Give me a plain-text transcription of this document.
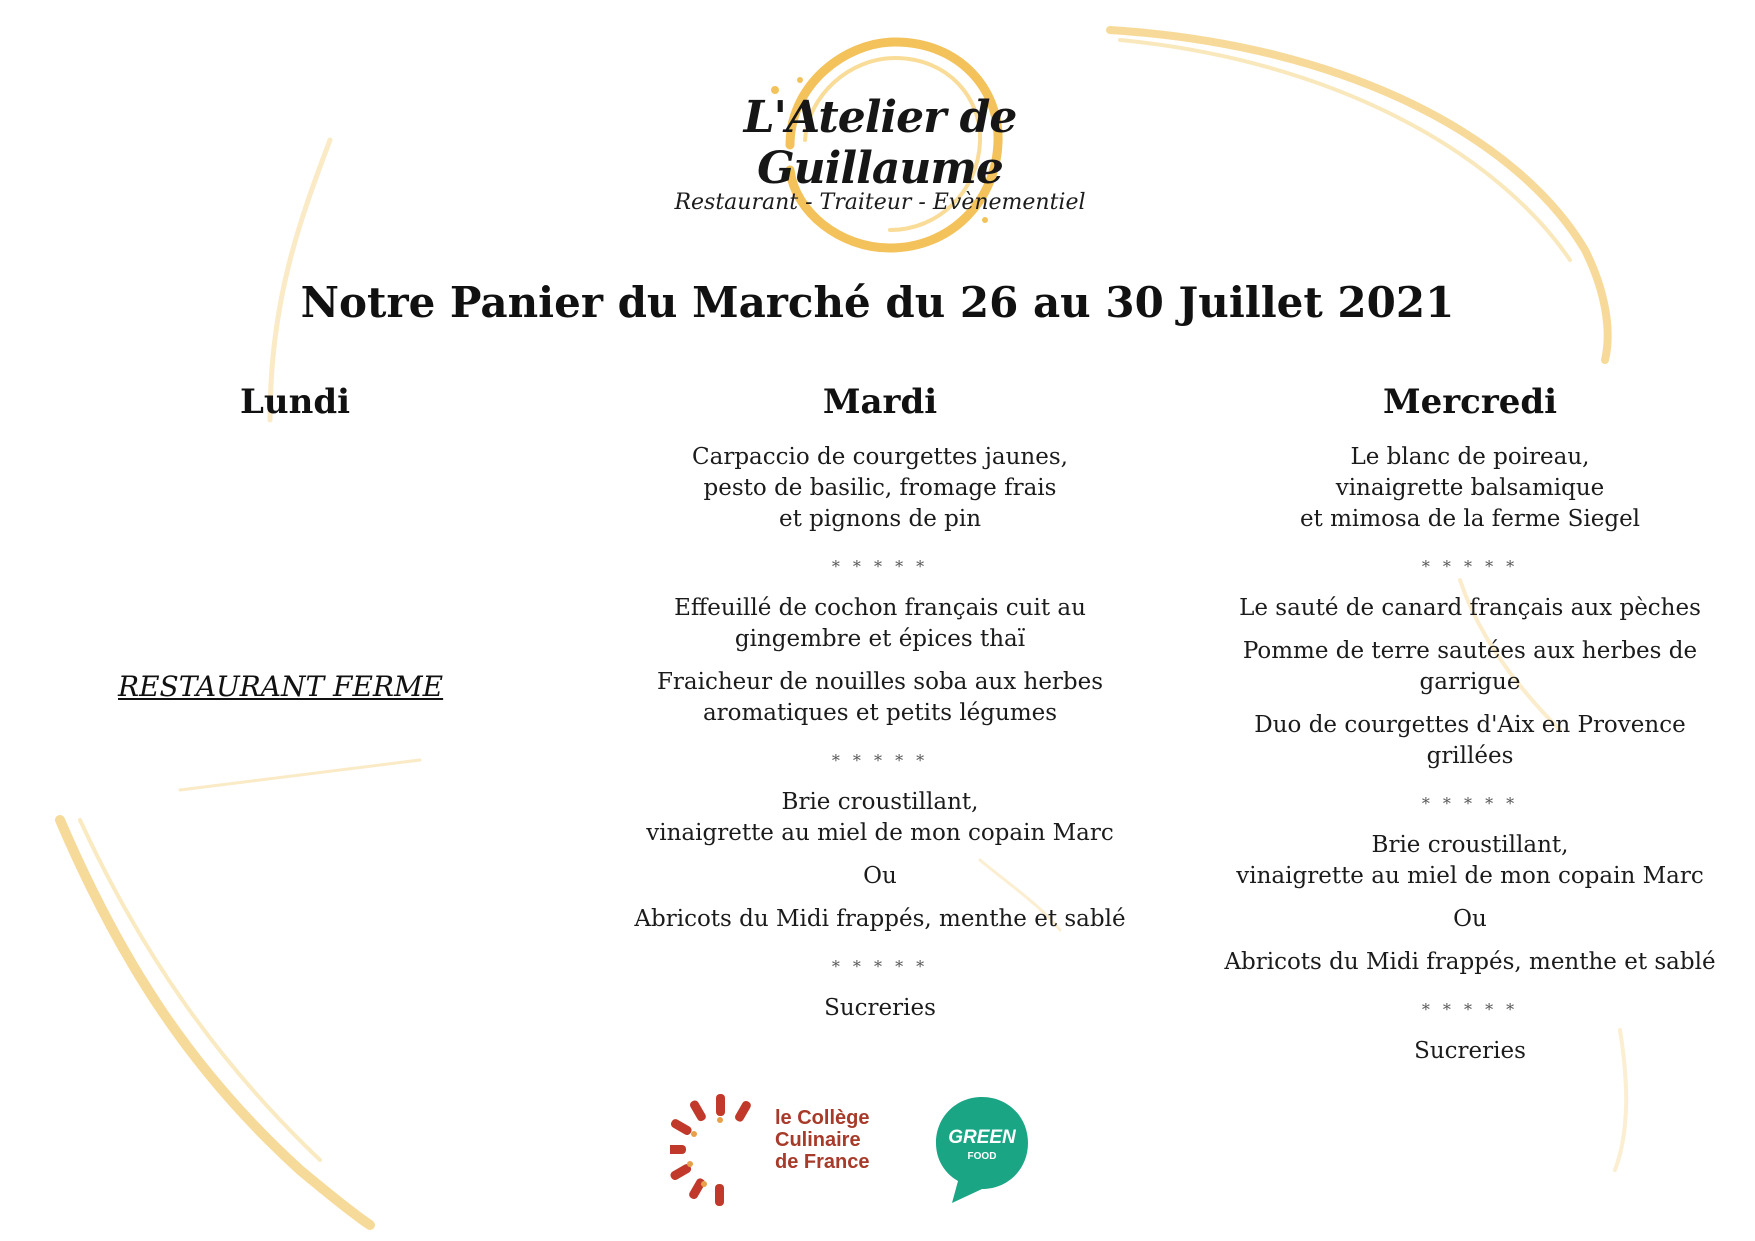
L'Atelier de Guillaume
Restaurant - Traiteur - Evènementiel
Notre Panier du Marché du 26 au 30 Juillet 2021
Lundi
RESTAURANT FERME
Mardi
Carpaccio de courgettes jaunes,
pesto de basilic, fromage frais
et pignons de pin
* * * * *
Effeuillé de cochon français cuit au
gingembre et épices thaï
Fraicheur de nouilles soba aux herbes
aromatiques et petits légumes
* * * * *
Brie croustillant,
vinaigrette au miel de mon copain Marc
Ou
Abricots du Midi frappés, menthe et sablé
* * * * *
Sucreries
Mercredi
Le blanc de poireau,
vinaigrette balsamique
et mimosa de la ferme Siegel
* * * * *
Le sauté de canard français aux pèches
Pomme de terre sautées aux herbes de
garrigue
Duo de courgettes d'Aix en Provence
grillées
* * * * *
Brie croustillant,
vinaigrette au miel de mon copain Marc
Ou
Abricots du Midi frappés, menthe et sablé
* * * * *
Sucreries
le Collège
Culinaire
de France
GREEN
FOOD
